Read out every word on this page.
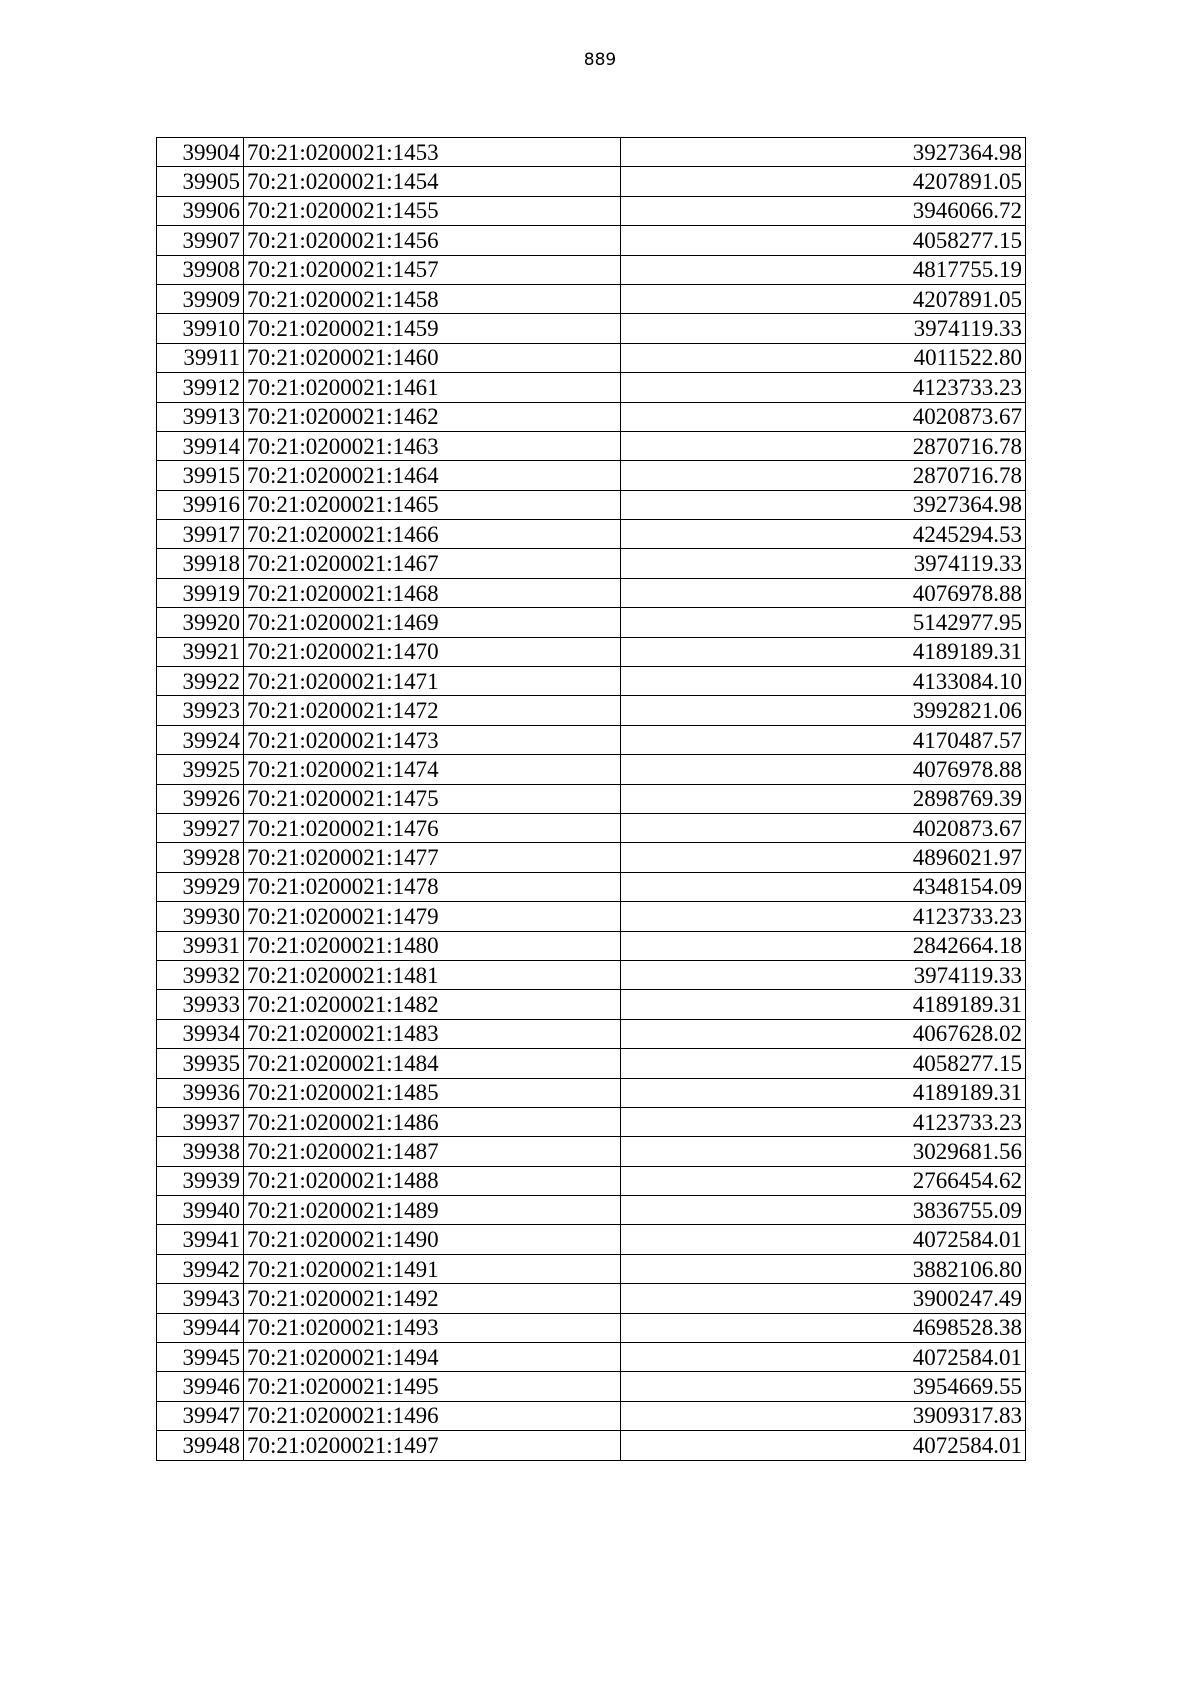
889
39904	70:21:0200021:1453	3927364.98
39905	70:21:0200021:1454	4207891.05
39906	70:21:0200021:1455	3946066.72
39907	70:21:0200021:1456	4058277.15
39908	70:21:0200021:1457	4817755.19
39909	70:21:0200021:1458	4207891.05
39910	70:21:0200021:1459	3974119.33
39911	70:21:0200021:1460	4011522.80
39912	70:21:0200021:1461	4123733.23
39913	70:21:0200021:1462	4020873.67
39914	70:21:0200021:1463	2870716.78
39915	70:21:0200021:1464	2870716.78
39916	70:21:0200021:1465	3927364.98
39917	70:21:0200021:1466	4245294.53
39918	70:21:0200021:1467	3974119.33
39919	70:21:0200021:1468	4076978.88
39920	70:21:0200021:1469	5142977.95
39921	70:21:0200021:1470	4189189.31
39922	70:21:0200021:1471	4133084.10
39923	70:21:0200021:1472	3992821.06
39924	70:21:0200021:1473	4170487.57
39925	70:21:0200021:1474	4076978.88
39926	70:21:0200021:1475	2898769.39
39927	70:21:0200021:1476	4020873.67
39928	70:21:0200021:1477	4896021.97
39929	70:21:0200021:1478	4348154.09
39930	70:21:0200021:1479	4123733.23
39931	70:21:0200021:1480	2842664.18
39932	70:21:0200021:1481	3974119.33
39933	70:21:0200021:1482	4189189.31
39934	70:21:0200021:1483	4067628.02
39935	70:21:0200021:1484	4058277.15
39936	70:21:0200021:1485	4189189.31
39937	70:21:0200021:1486	4123733.23
39938	70:21:0200021:1487	3029681.56
39939	70:21:0200021:1488	2766454.62
39940	70:21:0200021:1489	3836755.09
39941	70:21:0200021:1490	4072584.01
39942	70:21:0200021:1491	3882106.80
39943	70:21:0200021:1492	3900247.49
39944	70:21:0200021:1493	4698528.38
39945	70:21:0200021:1494	4072584.01
39946	70:21:0200021:1495	3954669.55
39947	70:21:0200021:1496	3909317.83
39948	70:21:0200021:1497	4072584.01
